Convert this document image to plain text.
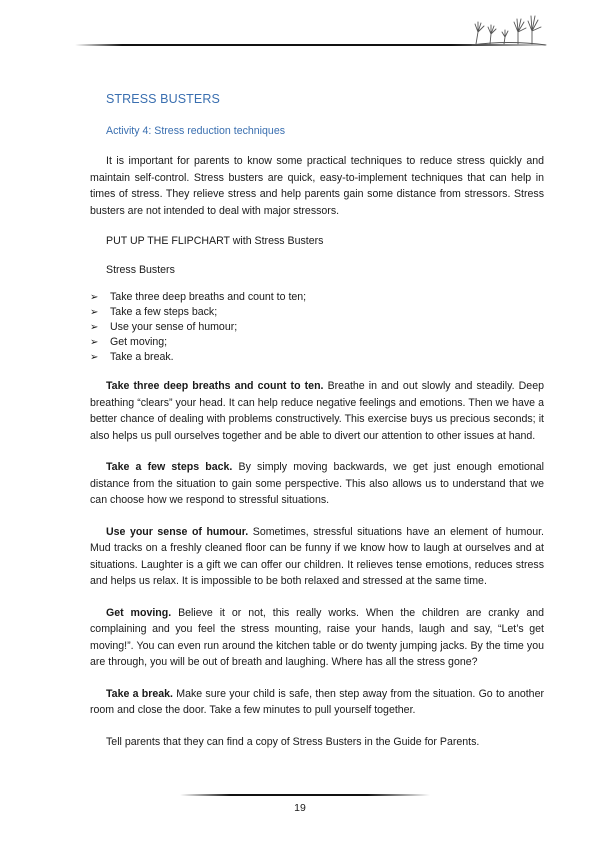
STRESS BUSTERS
Activity 4: Stress reduction techniques

It is important for parents to know some practical techniques to reduce stress quickly and maintain self-control. Stress busters are quick, easy-to-implement techniques that can help in times of stress. They relieve stress and help parents gain some distance from stressors. Stress busters are not intended to deal with major stressors.

PUT UP THE FLIPCHART with Stress Busters
Stress Busters
➢	Take three deep breaths and count to ten;
➢	Take a few steps back;
➢	Use your sense of humour;
➢	Get moving;
➢	Take a break.

Take three deep breaths and count to ten. Breathe in and out slowly and steadily. Deep breathing “clears” your head. It can help reduce negative feelings and emotions. Then we have a better chance of dealing with problems constructively. This exercise buys us precious seconds; it also helps us pull ourselves together and be able to divert our attention to other issues at hand.

Take a few steps back. By simply moving backwards, we get just enough emotional distance from the situation to gain some perspective. This also allows us to understand that we can choose how we respond to stressful situations.

Use your sense of humour. Sometimes, stressful situations have an element of humour. Mud tracks on a freshly cleaned floor can be funny if we know how to laugh at ourselves and at situations. Laughter is a gift we can offer our children. It relieves tense emotions, reduces stress and helps us relax. It is impossible to be both relaxed and stressed at the same time.

Get moving. Believe it or not, this really works. When the children are cranky and complaining and you feel the stress mounting, raise your hands, laugh and say, “Let’s get moving!”. You can even run around the kitchen table or do twenty jumping jacks. By the time you are through, you will be out of breath and laughing. Where has all the stress gone?

Take a break. Make sure your child is safe, then step away from the situation. Go to another room and close the door. Take a few minutes to pull yourself together.

Tell parents that they can find a copy of Stress Busters in the Guide for Parents.

19
